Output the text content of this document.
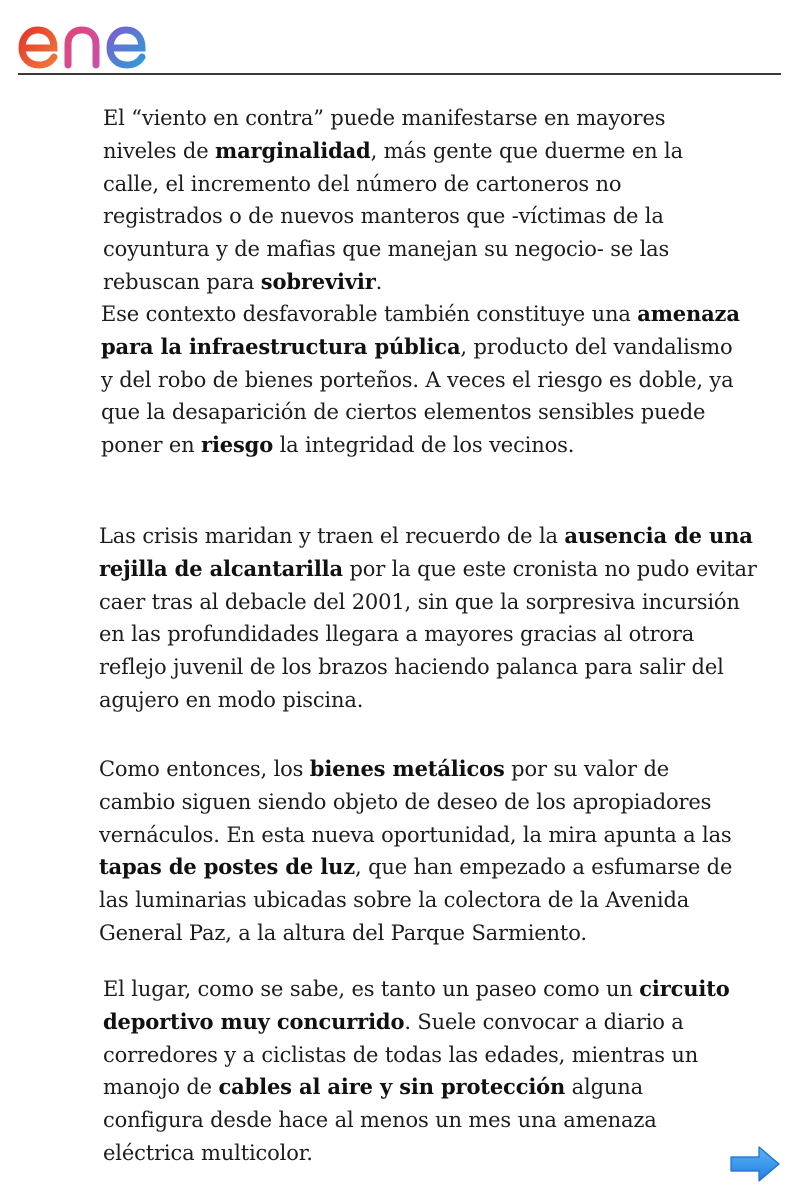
El “viento en contra” puede manifestarse en mayores niveles de marginalidad, más gente que duerme en la calle, el incremento del número de cartoneros no registrados o de nuevos manteros que -víctimas de la coyuntura y de mafias que manejan su negocio- se las rebuscan para sobrevivir.

Ese contexto desfavorable también constituye una amenaza para la infraestructura pública, producto del vandalismo y del robo de bienes porteños. A veces el riesgo es doble, ya que la desaparición de ciertos elementos sensibles puede poner en riesgo la integridad de los vecinos.

Las crisis maridan y traen el recuerdo de la ausencia de una rejilla de alcantarilla por la que este cronista no pudo evitar caer tras al debacle del 2001, sin que la sorpresiva incursión en las profundidades llegara a mayores gracias al otrora reflejo juvenil de los brazos haciendo palanca para salir del agujero en modo piscina.

Como entonces, los bienes metálicos por su valor de cambio siguen siendo objeto de deseo de los apropiadores vernáculos. En esta nueva oportunidad, la mira apunta a las tapas de postes de luz, que han empezado a esfumarse de las luminarias ubicadas sobre la colectora de la Avenida General Paz, a la altura del Parque Sarmiento.

El lugar, como se sabe, es tanto un paseo como un circuito deportivo muy concurrido. Suele convocar a diario a corredores y a ciclistas de todas las edades, mientras un manojo de cables al aire y sin protección alguna configura desde hace al menos un mes una amenaza eléctrica multicolor.
